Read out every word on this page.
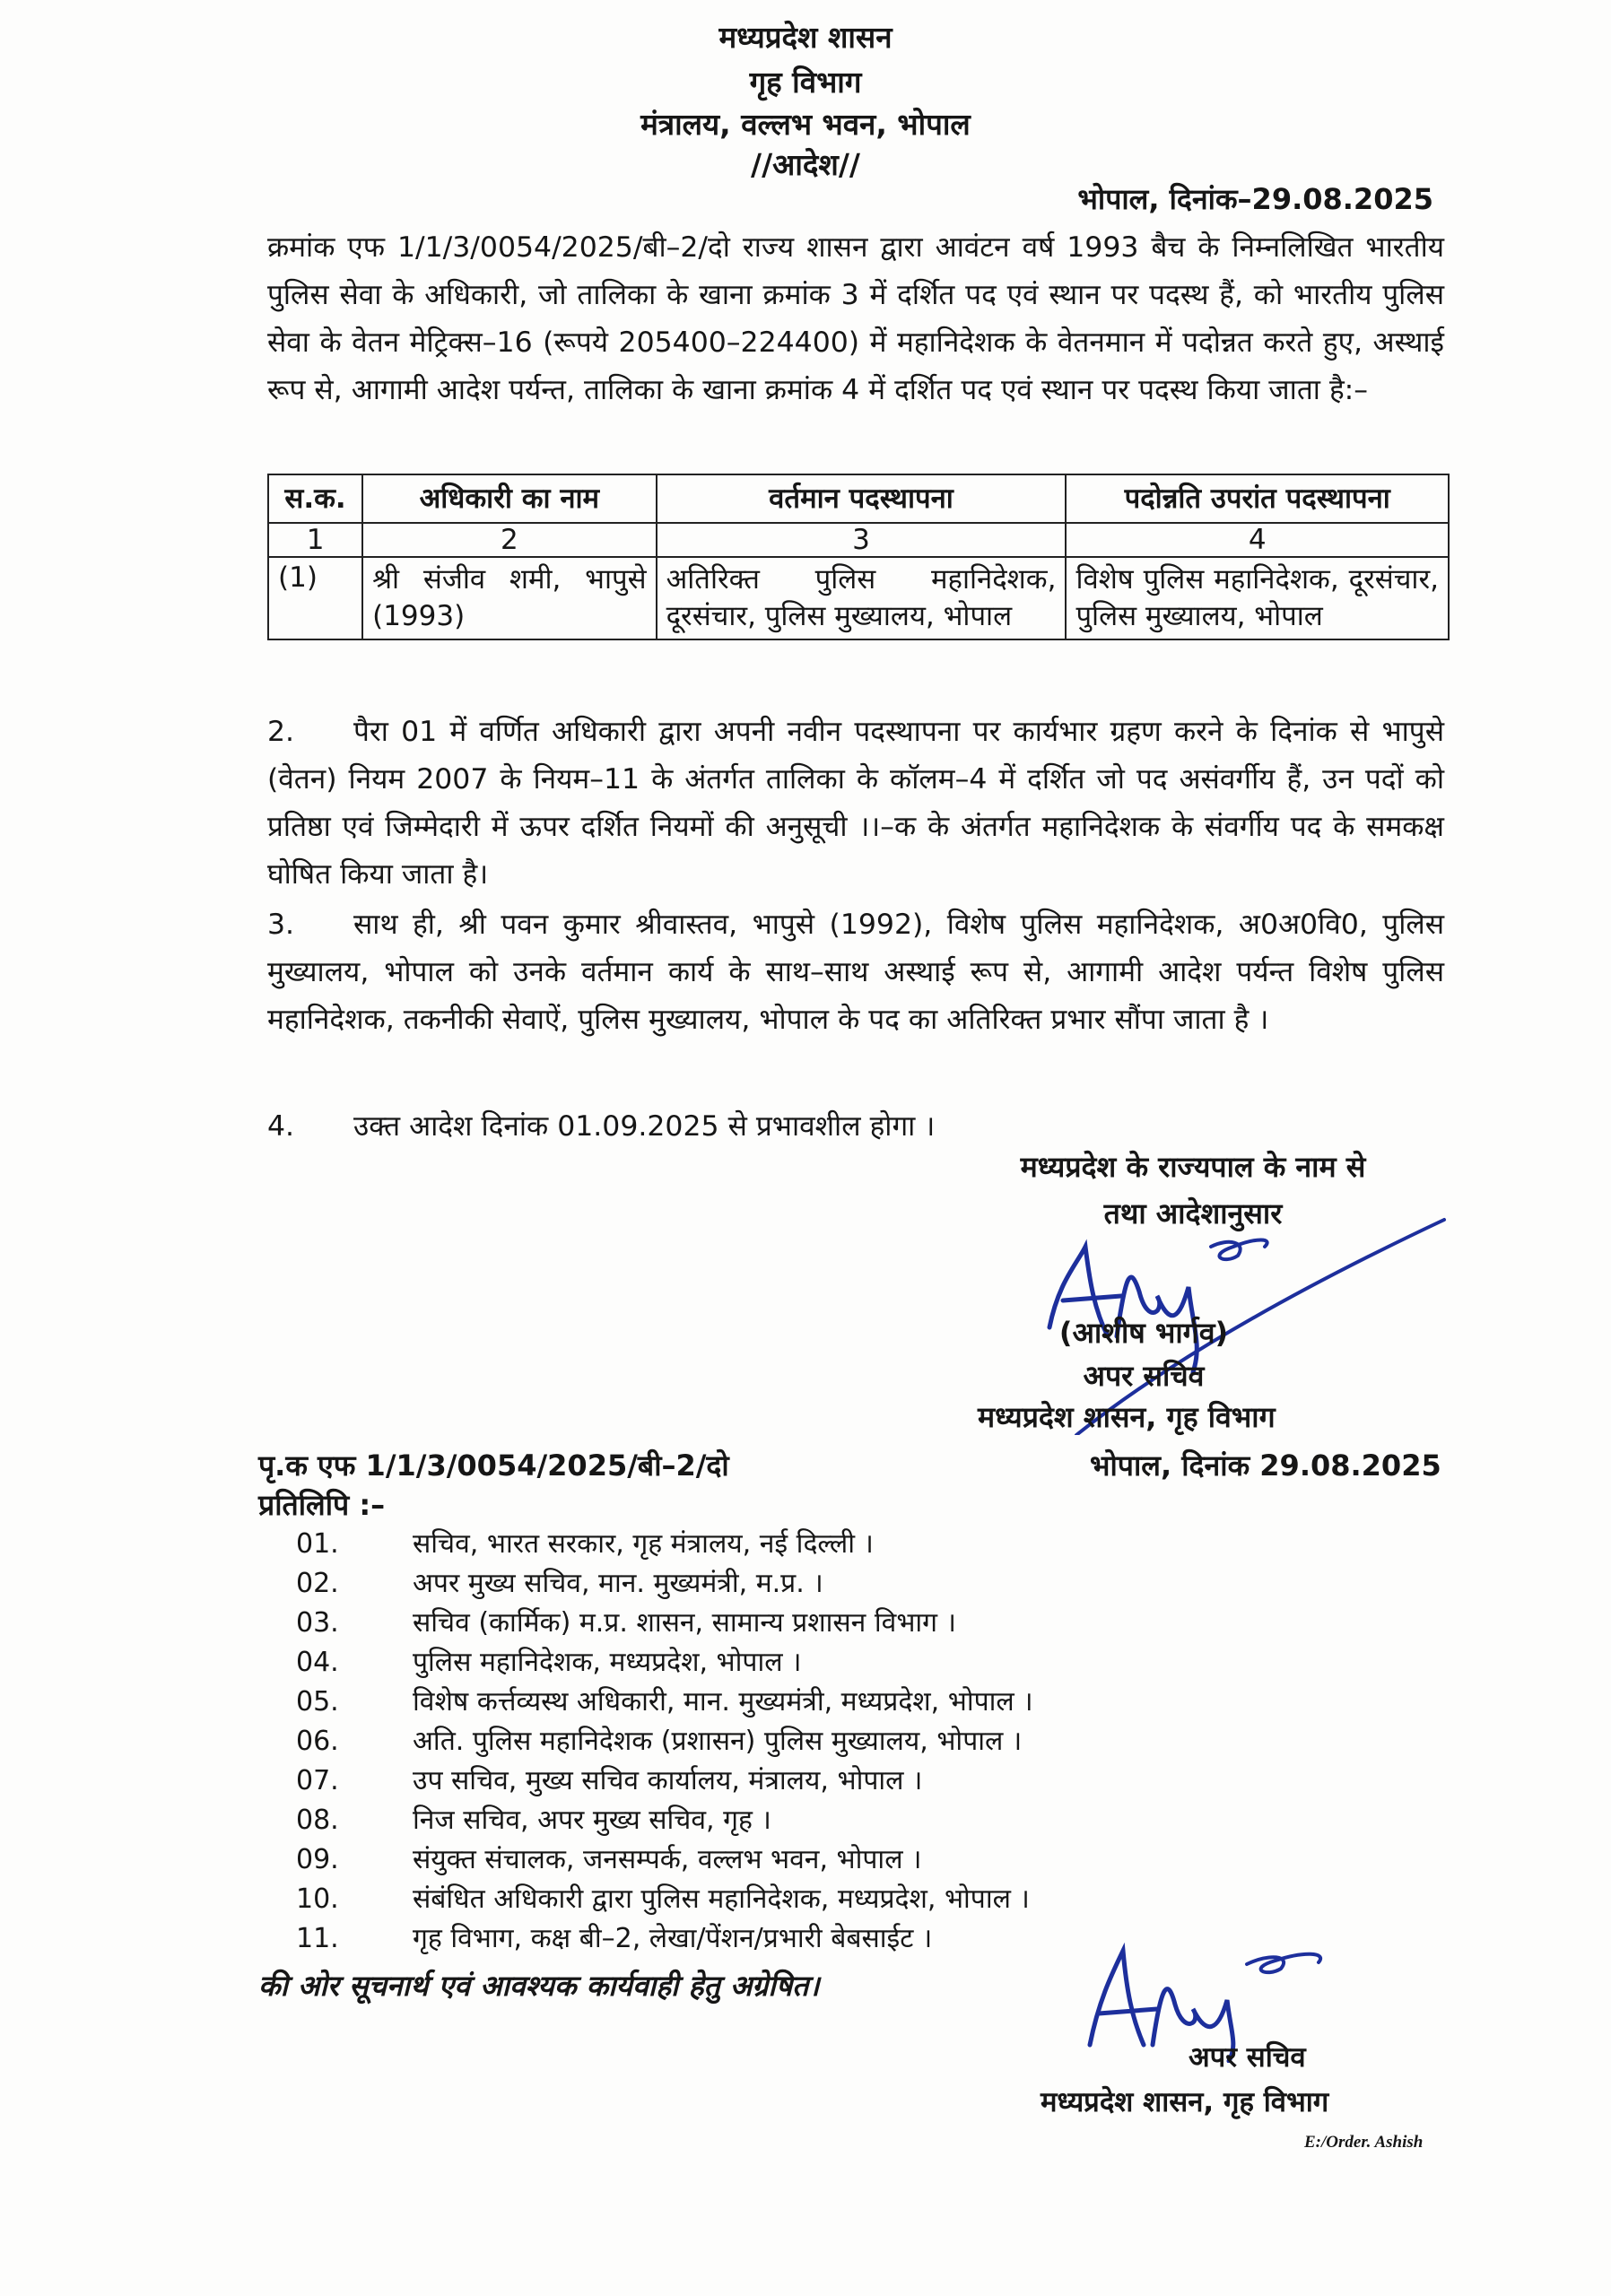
मध्यप्रदेश शासन
गृह विभाग
मंत्रालय, वल्लभ भवन, भोपाल
//आदेश//
भोपाल, दिनांक–29.08.2025
क्रमांक एफ 1/1/3/0054/2025/बी–2/दो राज्य शासन द्वारा आवंटन वर्ष 1993 बैच के निम्नलिखित भारतीय पुलिस सेवा के अधिकारी, जो तालिका के खाना क्रमांक 3 में दर्शित पद एवं स्थान पर पदस्थ हैं, को भारतीय पुलिस सेवा के वेतन मेट्रिक्स–16 (रूपये 205400–224400) में महानिदेशक के वेतनमान में पदोन्नत करते हुए, अस्थाई रूप से, आगामी आदेश पर्यन्त, तालिका के खाना क्रमांक 4 में दर्शित पद एवं स्थान पर पदस्थ किया जाता है:–
स.क.	अधिकारी का नाम	वर्तमान पदस्थापना	पदोन्नति उपरांत पदस्थापना
1	2	3	4
(1)	श्री संजीव शमी, भापुसे (1993)	अतिरिक्त पुलिस महानिदेशक, दूरसंचार, पुलिस मुख्यालय, भोपाल	विशेष पुलिस महानिदेशक, दूरसंचार, पुलिस मुख्यालय, भोपाल
2. पैरा 01 में वर्णित अधिकारी द्वारा अपनी नवीन पदस्थापना पर कार्यभार ग्रहण करने के दिनांक से भापुसे (वेतन) नियम 2007 के नियम–11 के अंतर्गत तालिका के कॉलम–4 में दर्शित जो पद असंवर्गीय हैं, उन पदों को प्रतिष्ठा एवं जिम्मेदारी में ऊपर दर्शित नियमों की अनुसूची ।।–क के अंतर्गत महानिदेशक के संवर्गीय पद के समकक्ष घोषित किया जाता है।
3. साथ ही, श्री पवन कुमार श्रीवास्तव, भापुसे (1992), विशेष पुलिस महानिदेशक, अ0अ0वि0, पुलिस मुख्यालय, भोपाल को उनके वर्तमान कार्य के साथ–साथ अस्थाई रूप से, आगामी आदेश पर्यन्त विशेष पुलिस महानिदेशक, तकनीकी सेवाऐं, पुलिस मुख्यालय, भोपाल के पद का अतिरिक्त प्रभार सौंपा जाता है ।
4. उक्त आदेश दिनांक 01.09.2025 से प्रभावशील होगा ।
मध्यप्रदेश के राज्यपाल के नाम से
तथा आदेशानुसार
(आशीष भार्गव)
अपर सचिव
मध्यप्रदेश शासन, गृह विभाग
पृ.क एफ 1/1/3/0054/2025/बी–2/दो	भोपाल, दिनांक 29.08.2025
प्रतिलिपि :–
01.	सचिव, भारत सरकार, गृह मंत्रालय, नई दिल्ली ।
02.	अपर मुख्य सचिव, मान. मुख्यमंत्री, म.प्र. ।
03.	सचिव (कार्मिक) म.प्र. शासन, सामान्य प्रशासन विभाग ।
04.	पुलिस महानिदेशक, मध्यप्रदेश, भोपाल ।
05.	विशेष कर्त्तव्यस्थ अधिकारी, मान. मुख्यमंत्री, मध्यप्रदेश, भोपाल ।
06.	अति. पुलिस महानिदेशक (प्रशासन) पुलिस मुख्यालय, भोपाल ।
07.	उप सचिव, मुख्य सचिव कार्यालय, मंत्रालय, भोपाल ।
08.	निज सचिव, अपर मुख्य सचिव, गृह ।
09.	संयुक्त संचालक, जनसम्पर्क, वल्लभ भवन, भोपाल ।
10.	संबंधित अधिकारी द्वारा पुलिस महानिदेशक, मध्यप्रदेश, भोपाल ।
11.	गृह विभाग, कक्ष बी–2, लेखा/पेंशन/प्रभारी बेबसाईट ।
की ओर सूचनार्थ एवं आवश्यक कार्यवाही हेतु अग्रेषित।
अपर सचिव
मध्यप्रदेश शासन, गृह विभाग
E:/Order. Ashish
